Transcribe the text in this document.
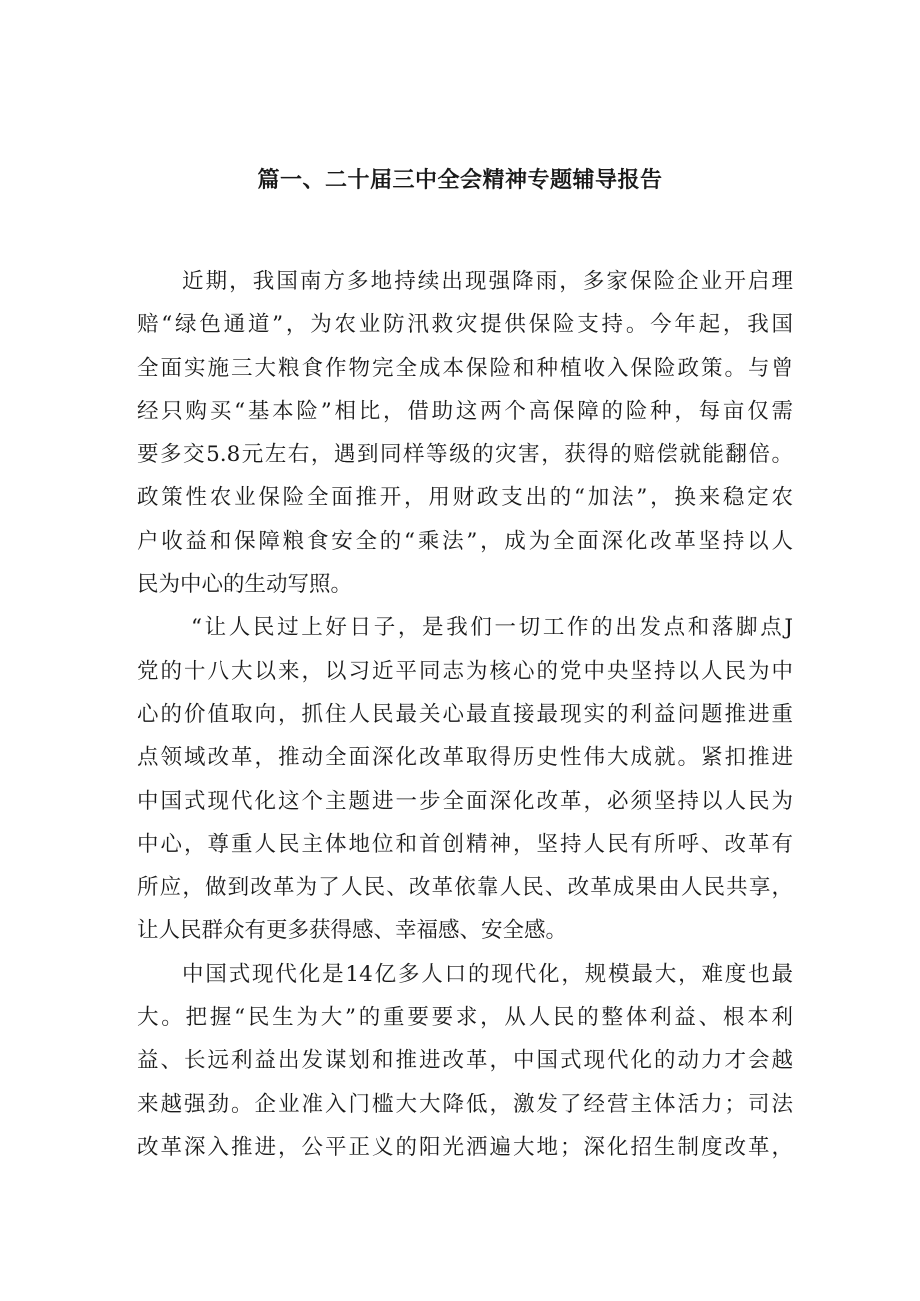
篇一、二十届三中全会精神专题辅导报告
近期，我国南方多地持续出现强降雨，多家保险企业开启理
赔“绿色通道”，为农业防汛救灾提供保险支持。今年起，我国
全面实施三大粮食作物完全成本保险和种植收入保险政策。与曾
经只购买“基本险”相比，借助这两个高保障的险种，每亩仅需
要多交5.8元左右，遇到同样等级的灾害，获得的赔偿就能翻倍。
政策性农业保险全面推开，用财政支出的“加法”，换来稳定农
户收益和保障粮食安全的“乘法”，成为全面深化改革坚持以人
民为中心的生动写照。
“让人民过上好日子，是我们一切工作的出发点和落脚点J
党的十八大以来，以习近平同志为核心的党中央坚持以人民为中
心的价值取向，抓住人民最关心最直接最现实的利益问题推进重
点领域改革，推动全面深化改革取得历史性伟大成就。紧扣推进
中国式现代化这个主题进一步全面深化改革，必须坚持以人民为
中心，尊重人民主体地位和首创精神，坚持人民有所呼、改革有
所应，做到改革为了人民、改革依靠人民、改革成果由人民共享，
让人民群众有更多获得感、幸福感、安全感。
中国式现代化是14亿多人口的现代化，规模最大，难度也最
大。把握“民生为大”的重要要求，从人民的整体利益、根本利
益、长远利益出发谋划和推进改革，中国式现代化的动力才会越
来越强劲。企业准入门槛大大降低，激发了经营主体活力；司法
改革深入推进，公平正义的阳光洒遍大地；深化招生制度改革，
